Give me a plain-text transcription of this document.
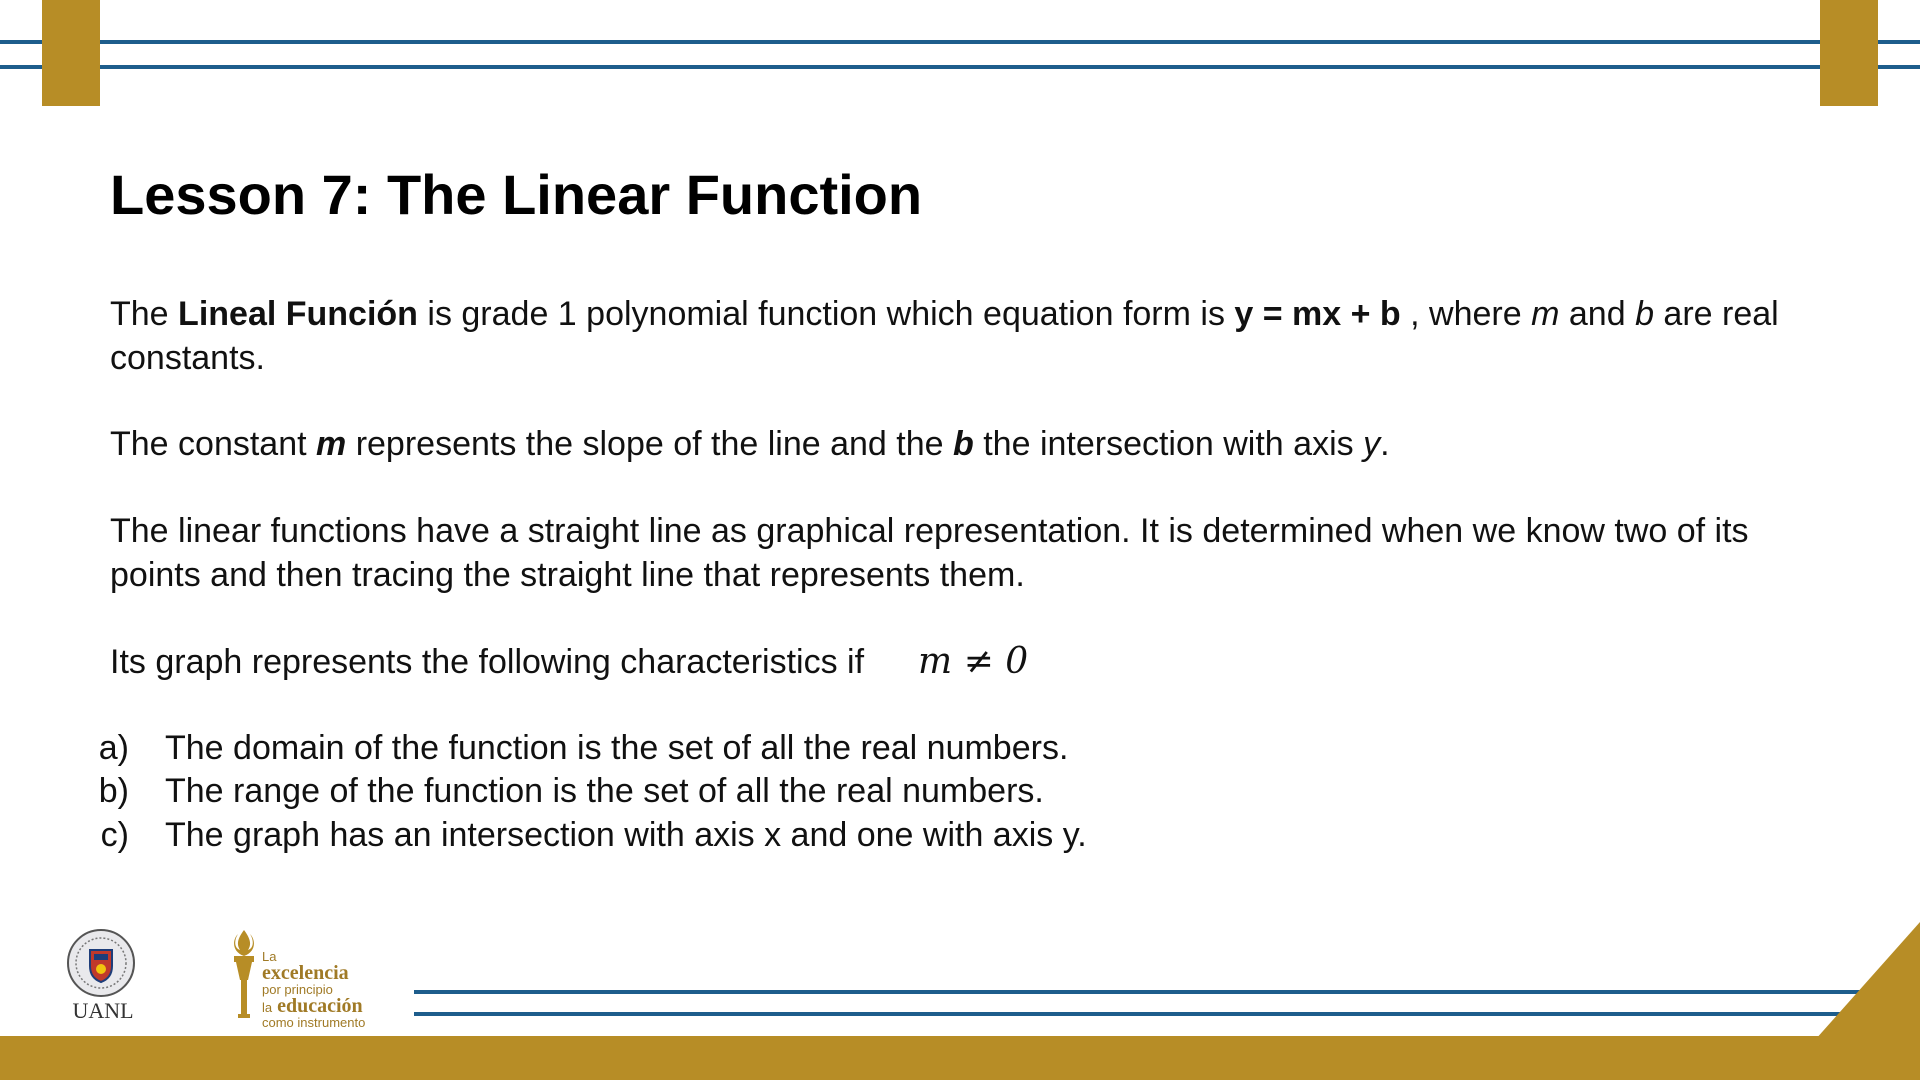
Lesson 7: The Linear Function

The Lineal Función is grade 1 polynomial function which equation form is y = mx + b , where m and b are real constants.

The constant m represents the slope of the line and the b the intersection with axis y.

The linear functions have a straight line as graphical representation. It is determined when we know two of its points and then tracing the straight line that represents them.

Its graph represents the following characteristics if m ≠ 0

a) The domain of the function is the set of all the real numbers.
b) The range of the function is the set of all the real numbers.
c) The graph has an intersection with axis x and one with axis y.
UANL
La
excelencia
por principio
la educación
como instrumento
